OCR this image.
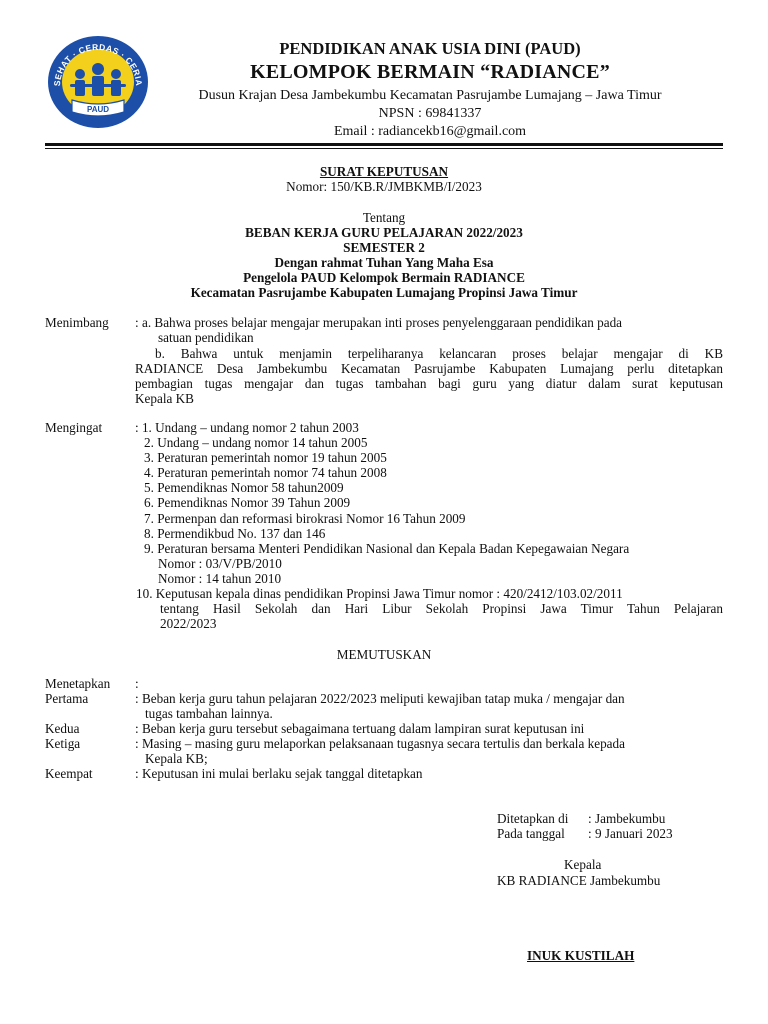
SEHAT · CERDAS · CERIA
PAUD
PENDIDIKAN ANAK USIA DINI (PAUD)
KELOMPOK BERMAIN “RADIANCE”
Dusun Krajan Desa Jambekumbu Kecamatan Pasrujambe Lumajang – Jawa Timur
NPSN : 69841337
Email : radiancekb16@gmail.com
SURAT KEPUTUSAN
Nomor: 150/KB.R/JMBKMB/I/2023
Tentang
BEBAN KERJA GURU PELAJARAN 2022/2023
SEMESTER 2
Dengan rahmat Tuhan Yang Maha Esa
Pengelola PAUD Kelompok Bermain RADIANCE
Kecamatan Pasrujambe Kabupaten Lumajang Propinsi Jawa Timur
Menimbang : a. Bahwa proses belajar mengajar merupakan inti proses penyelenggaraan pendidikan pada
satuan pendidikan
b. Bahwa untuk menjamin terpeliharanya kelancaran proses belajar mengajar di KB
RADIANCE Desa Jambekumbu Kecamatan Pasrujambe Kabupaten Lumajang perlu ditetapkan
pembagian tugas mengajar dan tugas tambahan bagi guru yang diatur dalam surat keputusan
Kepala KB
Mengingat : 1. Undang – undang nomor 2 tahun 2003
2. Undang – undang nomor 14 tahun 2005
3. Peraturan pemerintah nomor 19 tahun 2005
4. Peraturan pemerintah nomor 74 tahun 2008
5. Pemendiknas Nomor 58 tahun2009
6. Pemendiknas Nomor 39 Tahun 2009
7. Permenpan dan reformasi birokrasi Nomor 16 Tahun 2009
8. Permendikbud No. 137 dan 146
9. Peraturan bersama Menteri Pendidikan Nasional dan Kepala Badan Kepegawaian Negara
Nomor : 03/V/PB/2010
Nomor : 14 tahun 2010
10. Keputusan kepala dinas pendidikan Propinsi Jawa Timur nomor : 420/2412/103.02/2011
tentang Hasil Sekolah dan Hari Libur Sekolah Propinsi Jawa Timur Tahun Pelajaran
2022/2023
MEMUTUSKAN
Menetapkan :
Pertama	: Beban kerja guru tahun pelajaran 2022/2023 meliputi kewajiban tatap muka / mengajar dan
tugas tambahan lainnya.
Kedua	: Beban kerja guru tersebut sebagaimana tertuang dalam lampiran surat keputusan ini
Ketiga	: Masing – masing guru melaporkan pelaksanaan tugasnya secara tertulis dan berkala kepada
Kepala KB;
Keempat	: Keputusan ini mulai berlaku sejak tanggal ditetapkan
Ditetapkan di : Jambekumbu
Pada tanggal : 9 Januari 2023
Kepala
KB RADIANCE Jambekumbu
INUK KUSTILAH
